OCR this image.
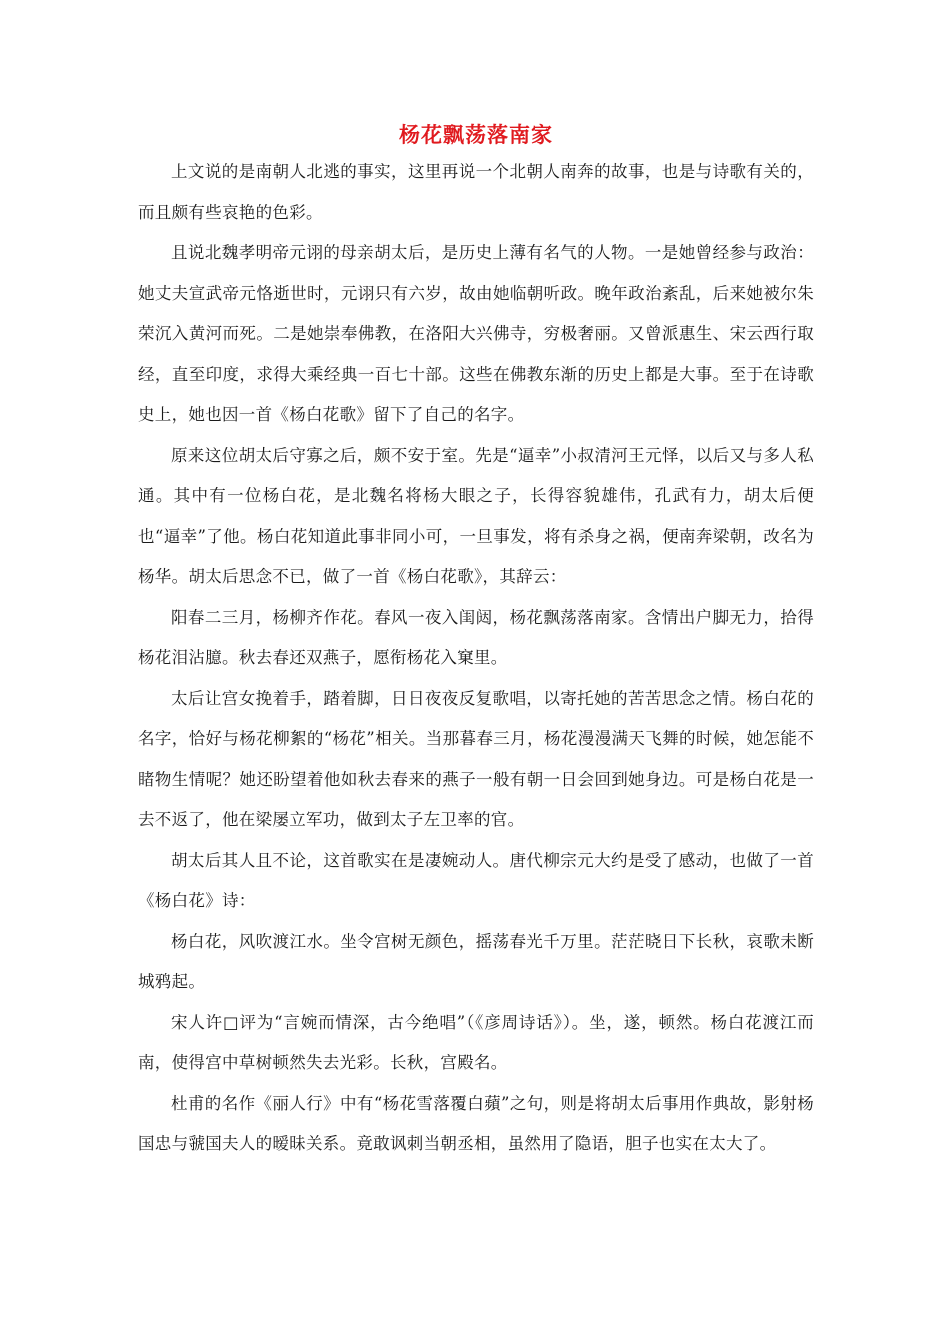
杨花飘荡落南家

上文说的是南朝人北逃的事实，这里再说一个北朝人南奔的故事，也是与诗歌有关的，而且颇有些哀艳的色彩。

且说北魏孝明帝元诩的母亲胡太后，是历史上薄有名气的人物。一是她曾经参与政治：她丈夫宣武帝元恪逝世时，元诩只有六岁，故由她临朝听政。晚年政治紊乱，后来她被尔朱荣沉入黄河而死。二是她崇奉佛教，在洛阳大兴佛寺，穷极奢丽。又曾派惠生、宋云西行取经，直至印度，求得大乘经典一百七十部。这些在佛教东渐的历史上都是大事。至于在诗歌史上，她也因一首《杨白花歌》留下了自己的名字。

原来这位胡太后守寡之后，颇不安于室。先是“逼幸”小叔清河王元怿，以后又与多人私通。其中有一位杨白花，是北魏名将杨大眼之子，长得容貌雄伟，孔武有力，胡太后便也“逼幸”了他。杨白花知道此事非同小可，一旦事发，将有杀身之祸，便南奔梁朝，改名为杨华。胡太后思念不已，做了一首《杨白花歌》，其辞云：

阳春二三月，杨柳齐作花。春风一夜入闺闼，杨花飘荡落南家。含情出户脚无力，拾得杨花泪沾臆。秋去春还双燕子，愿衔杨花入窠里。

太后让宫女挽着手，踏着脚，日日夜夜反复歌唱，以寄托她的苦苦思念之情。杨白花的名字，恰好与杨花柳絮的“杨花”相关。当那暮春三月，杨花漫漫满天飞舞的时候，她怎能不睹物生情呢？她还盼望着他如秋去春来的燕子一般有朝一日会回到她身边。可是杨白花是一去不返了，他在梁屡立军功，做到太子左卫率的官。

胡太后其人且不论，这首歌实在是凄婉动人。唐代柳宗元大约是受了感动，也做了一首《杨白花》诗：

杨白花，风吹渡江水。坐令宫树无颜色，摇荡春光千万里。茫茫晓日下长秋，哀歌未断城鸦起。

宋人许□评为“言婉而情深，古今绝唱”（《彦周诗话》）。坐，遂，顿然。杨白花渡江而南，使得宫中草树顿然失去光彩。长秋，宫殿名。

杜甫的名作《丽人行》中有“杨花雪落覆白蘋”之句，则是将胡太后事用作典故，影射杨国忠与虢国夫人的暧昧关系。竟敢讽刺当朝丞相，虽然用了隐语，胆子也实在太大了。
